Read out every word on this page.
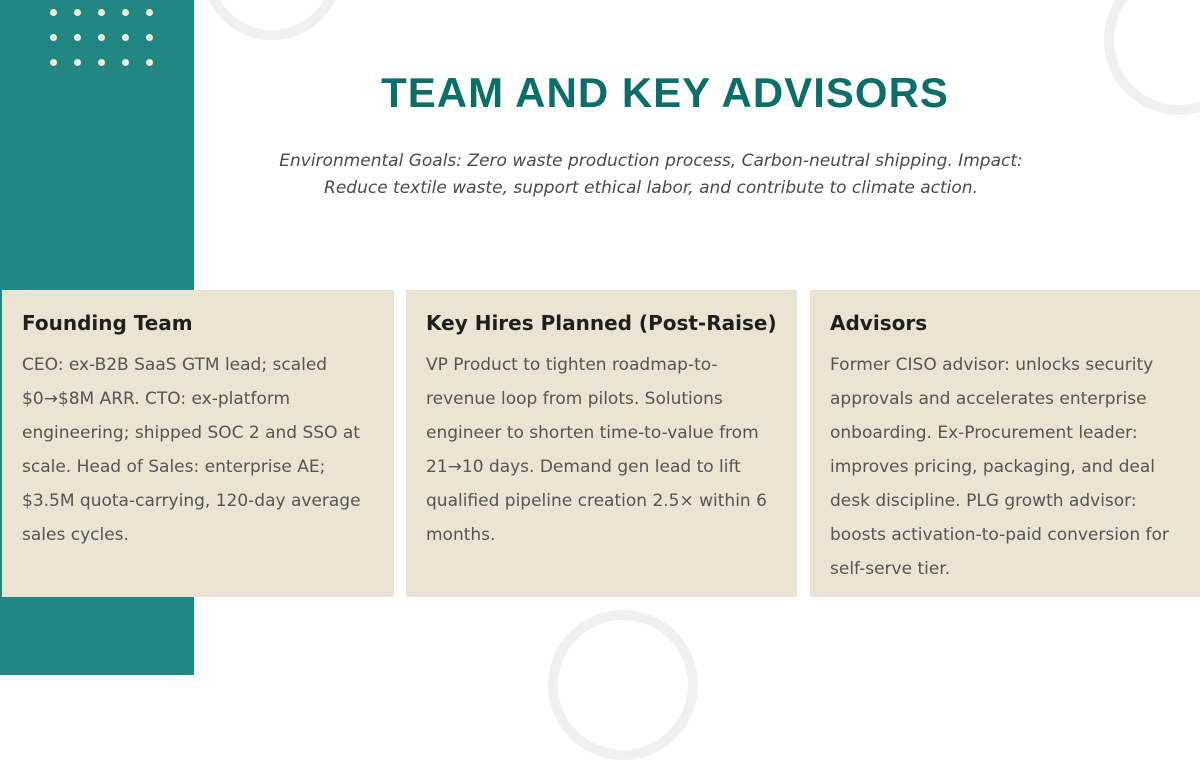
TEAM AND KEY ADVISORS

Environmental Goals: Zero waste production process, Carbon-neutral shipping. Impact: Reduce textile waste, support ethical labor, and contribute to climate action.

Founding Team

CEO: ex-B2B SaaS GTM lead; scaled $0→$8M ARR. CTO: ex-platform engineering; shipped SOC 2 and SSO at scale. Head of Sales: enterprise AE; $3.5M quota-carrying, 120-day average sales cycles.

Key Hires Planned (Post-Raise)

VP Product to tighten roadmap-to-revenue loop from pilots. Solutions engineer to shorten time-to-value from 21→10 days. Demand gen lead to lift qualified pipeline creation 2.5× within 6 months.

Advisors

Former CISO advisor: unlocks security approvals and accelerates enterprise onboarding. Ex-Procurement leader: improves pricing, packaging, and deal desk discipline. PLG growth advisor: boosts activation-to-paid conversion for self-serve tier.
